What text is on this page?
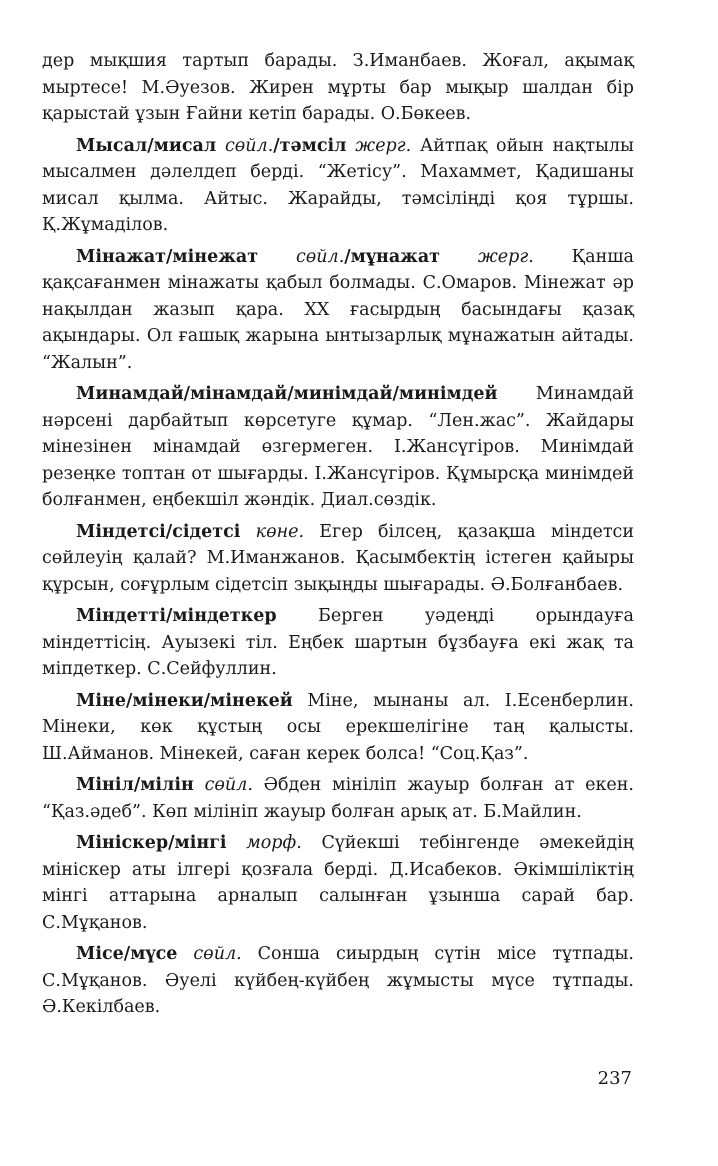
дер мықшия тартып барады. З.Иманбаев. Жоғал, ақымақ мыртесе! М.Әуезов. Жирен мұрты бар мықыр шалдан бір қарыстай ұзын Ғайни кетіп барады. О.Бөкеев.

Мысал/мисал сөйл./тәмсіл жерг. Айтпақ ойын нақтылы мысалмен дәлелдеп берді. “Жетісу”. Махаммет, Қадишаны мисал қылма. Айтыс. Жарайды, тәмсіліңді қоя тұршы. Қ.Жұмаділов.

Мінажат/мінежат сөйл./мұнажат жерг. Қанша қақсағанмен мінажаты қабыл болмады. С.Омаров. Мінежат әр нақылдан жазып қара. XX ғасырдың басындағы қазақ ақындары. Ол ғашық жарына ынтызарлық мұнажатын айтады. “Жалын”.

Минамдай/мінамдай/минімдай/минімдей Минамдай нәрсені дарбайтып көрсетуге құмар. “Лен.жас”. Жайдары мінезінен мінамдай өзгермеген. І.Жансүгіров. Минімдай резеңке топтан от шығарды. І.Жансүгіров. Құмырсқа минімдей болғанмен, еңбекшіл жәндік. Диал.сөздік.

Міндетсі/сідетсі көне. Егер білсең, қазақша міндетси сөйлеуің қалай? М.Иманжанов. Қасымбектің істеген қайыры құрсын, соғұрлым сідетсіп зықыңды шығарады. Ә.Болғанбаев.

Міндетті/міндеткер Берген уәдеңді орындауға міндеттісің. Ауызекі тіл. Еңбек шартын бұзбауға екі жақ та міпдеткер. С.Сейфуллин.

Міне/мінеки/мінекей Міне, мынаны ал. І.Есенберлин. Мінеки, көк құстың осы ерекшелігіне таң қалысты. Ш.Айманов. Мінекей, саған керек болса! “Соц.Қаз”.

Мініл/мілін сөйл. Әбден мініліп жауыр болған ат екен. “Қаз.әдеб”. Көп мілініп жауыр болған арық ат. Б.Майлин.

Мініскер/мінгі морф. Сүйекші тебінгенде әмекейдің мініскер аты ілгері қозғала берді. Д.Исабеков. Әкімшіліктің мінгі аттарына арналып салынған ұзынша сарай бар. С.Мұқанов.

Місе/мүсе сөйл. Сонша сиырдың сүтін місе тұтпады. С.Мұқанов. Әуелі күйбең-күйбең жұмысты мүсе тұтпады. Ә.Кекілбаев.

237
